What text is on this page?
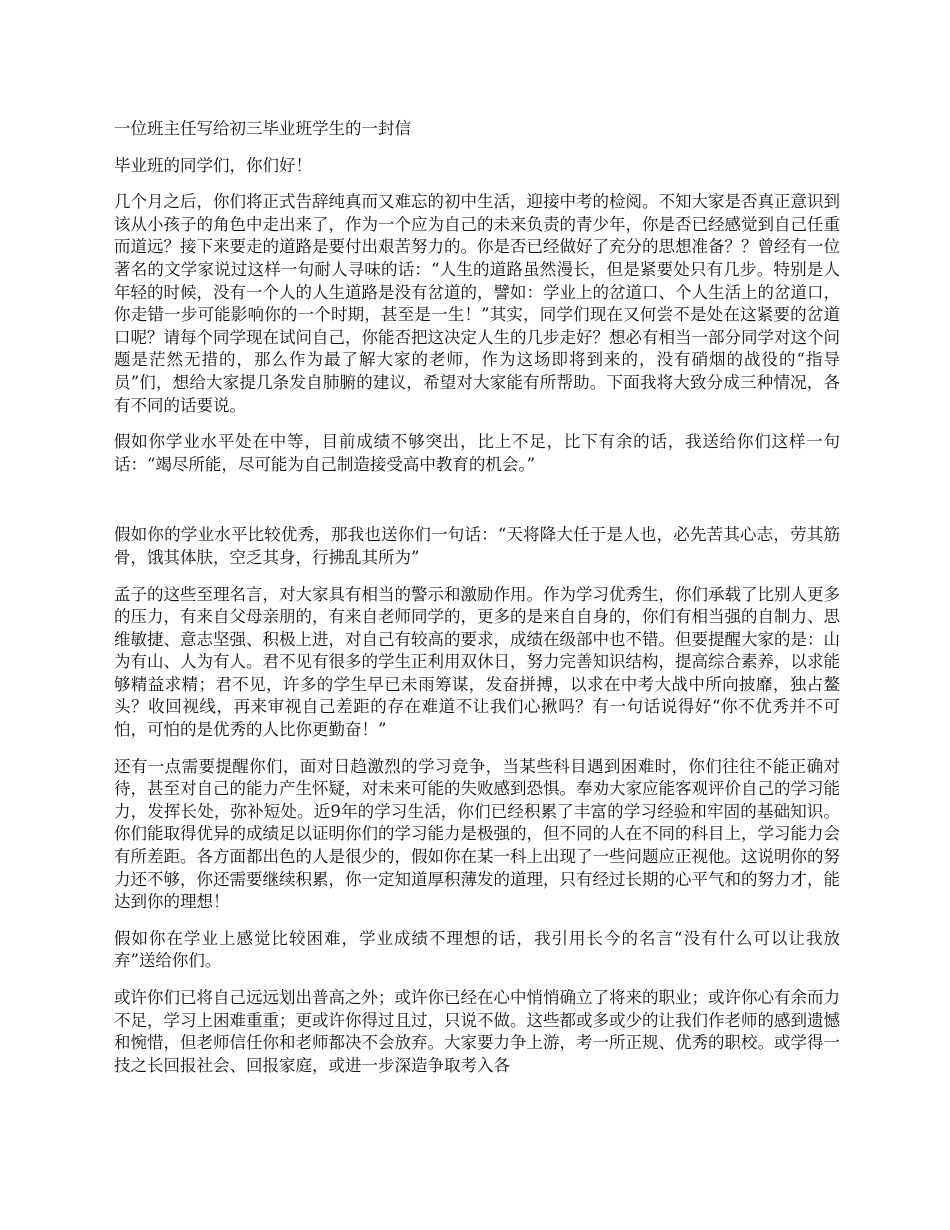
一位班主任写给初三毕业班学生的一封信

毕业班的同学们，你们好！

几个月之后，你们将正式告辞纯真而又难忘的初中生活，迎接中考的检阅。不知大家是否真正意识到该从小孩子的角色中走出来了，作为一个应为自己的未来负责的青少年，你是否已经感觉到自己任重而道远？接下来要走的道路是要付出艰苦努力的。你是否已经做好了充分的思想准备？？曾经有一位著名的文学家说过这样一句耐人寻味的话：“人生的道路虽然漫长，但是紧要处只有几步。特别是人年轻的时候，没有一个人的人生道路是没有岔道的，譬如：学业上的岔道口、个人生活上的岔道口，你走错一步可能影响你的一个时期，甚至是一生！”其实，同学们现在又何尝不是处在这紧要的岔道口呢？请每个同学现在试问自己，你能否把这决定人生的几步走好？想必有相当一部分同学对这个问题是茫然无措的，那么作为最了解大家的老师，作为这场即将到来的，没有硝烟的战役的“指导员”们，想给大家提几条发自肺腑的建议，希望对大家能有所帮助。下面我将大致分成三种情况，各有不同的话要说。

假如你学业水平处在中等，目前成绩不够突出，比上不足，比下有余的话，我送给你们这样一句话：“竭尽所能，尽可能为自己制造接受高中教育的机会。”

假如你的学业水平比较优秀，那我也送你们一句话：“天将降大任于是人也，必先苦其心志，劳其筋骨，饿其体肤，空乏其身，行拂乱其所为”

孟子的这些至理名言，对大家具有相当的警示和激励作用。作为学习优秀生，你们承载了比别人更多的压力，有来自父母亲朋的，有来自老师同学的，更多的是来自自身的，你们有相当强的自制力、思维敏捷、意志坚强、积极上进，对自己有较高的要求，成绩在级部中也不错。但要提醒大家的是：山为有山、人为有人。君不见有很多的学生正利用双休日，努力完善知识结构，提高综合素养，以求能够精益求精；君不见，许多的学生早已未雨筹谋，发奋拼搏，以求在中考大战中所向披靡，独占鳌头？收回视线，再来审视自己差距的存在难道不让我们心揪吗？有一句话说得好“你不优秀并不可怕，可怕的是优秀的人比你更勤奋！”

还有一点需要提醒你们，面对日趋激烈的学习竞争，当某些科目遇到困难时，你们往往不能正确对待，甚至对自己的能力产生怀疑，对未来可能的失败感到恐惧。奉劝大家应能客观评价自己的学习能力，发挥长处，弥补短处。近9年的学习生活，你们已经积累了丰富的学习经验和牢固的基础知识。你们能取得优异的成绩足以证明你们的学习能力是极强的，但不同的人在不同的科目上，学习能力会有所差距。各方面都出色的人是很少的，假如你在某一科上出现了一些问题应正视他。这说明你的努力还不够，你还需要继续积累，你一定知道厚积薄发的道理，只有经过长期的心平气和的努力才，能达到你的理想！

假如你在学业上感觉比较困难，学业成绩不理想的话，我引用长今的名言“没有什么可以让我放弃”送给你们。

或许你们已将自己远远划出普高之外；或许你已经在心中悄悄确立了将来的职业；或许你心有余而力不足，学习上困难重重；更或许你得过且过，只说不做。这些都或多或少的让我们作老师的感到遗憾和惋惜，但老师信任你和老师都决不会放弃。大家要力争上游，考一所正规、优秀的职校。或学得一技之长回报社会、回报家庭，或进一步深造争取考入各
